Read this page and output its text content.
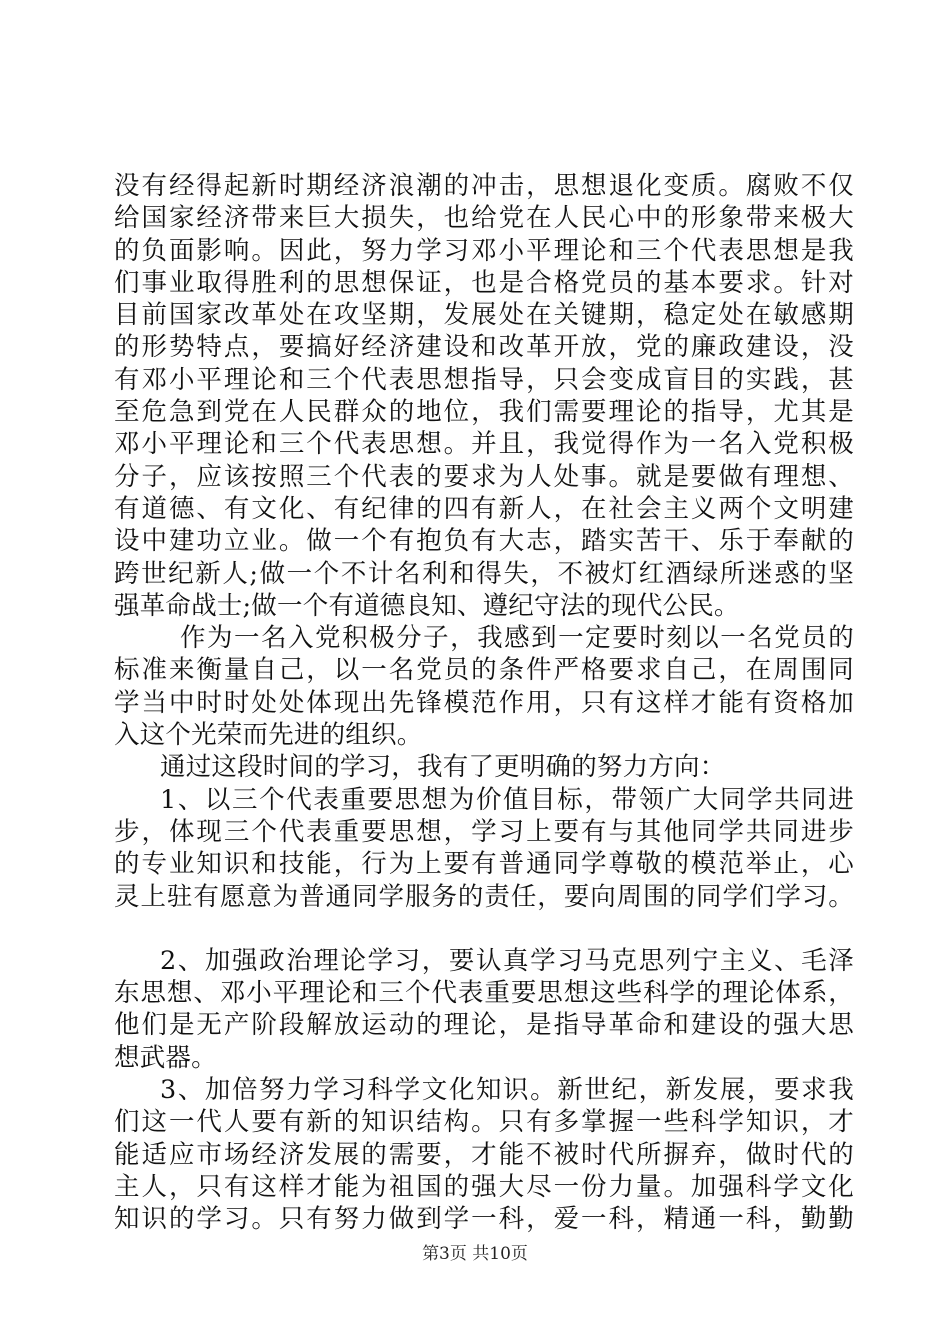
没有经得起新时期经济浪潮的冲击，思想退化变质。腐败不仅
给国家经济带来巨大损失，也给党在人民心中的形象带来极大
的负面影响。因此，努力学习邓小平理论和三个代表思想是我
们事业取得胜利的思想保证，也是合格党员的基本要求。针对
目前国家改革处在攻坚期，发展处在关键期，稳定处在敏感期
的形势特点，要搞好经济建设和改革开放，党的廉政建设，没
有邓小平理论和三个代表思想指导，只会变成盲目的实践，甚
至危急到党在人民群众的地位，我们需要理论的指导，尤其是
邓小平理论和三个代表思想。并且，我觉得作为一名入党积极
分子，应该按照三个代表的要求为人处事。就是要做有理想、
有道德、有文化、有纪律的四有新人，在社会主义两个文明建
设中建功立业。做一个有抱负有大志，踏实苦干、乐于奉献的
跨世纪新人;做一个不计名利和得失，不被灯红酒绿所迷惑的坚
强革命战士;做一个有道德良知、遵纪守法的现代公民。
作为一名入党积极分子，我感到一定要时刻以一名党员的
标准来衡量自己，以一名党员的条件严格要求自己，在周围同
学当中时时处处体现出先锋模范作用，只有这样才能有资格加
入这个光荣而先进的组织。
通过这段时间的学习，我有了更明确的努力方向：
1、以三个代表重要思想为价值目标，带领广大同学共同进
步，体现三个代表重要思想，学习上要有与其他同学共同进步
的专业知识和技能，行为上要有普通同学尊敬的模范举止，心
灵上驻有愿意为普通同学服务的责任，要向周围的同学们学习。
2、加强政治理论学习，要认真学习马克思列宁主义、毛泽
东思想、邓小平理论和三个代表重要思想这些科学的理论体系，
他们是无产阶段解放运动的理论，是指导革命和建设的强大思
想武器。
3、加倍努力学习科学文化知识。新世纪，新发展，要求我
们这一代人要有新的知识结构。只有多掌握一些科学知识，才
能适应市场经济发展的需要，才能不被时代所摒弃，做时代的
主人，只有这样才能为祖国的强大尽一份力量。加强科学文化
知识的学习。只有努力做到学一科，爱一科，精通一科，勤勤
第3页 共10页
